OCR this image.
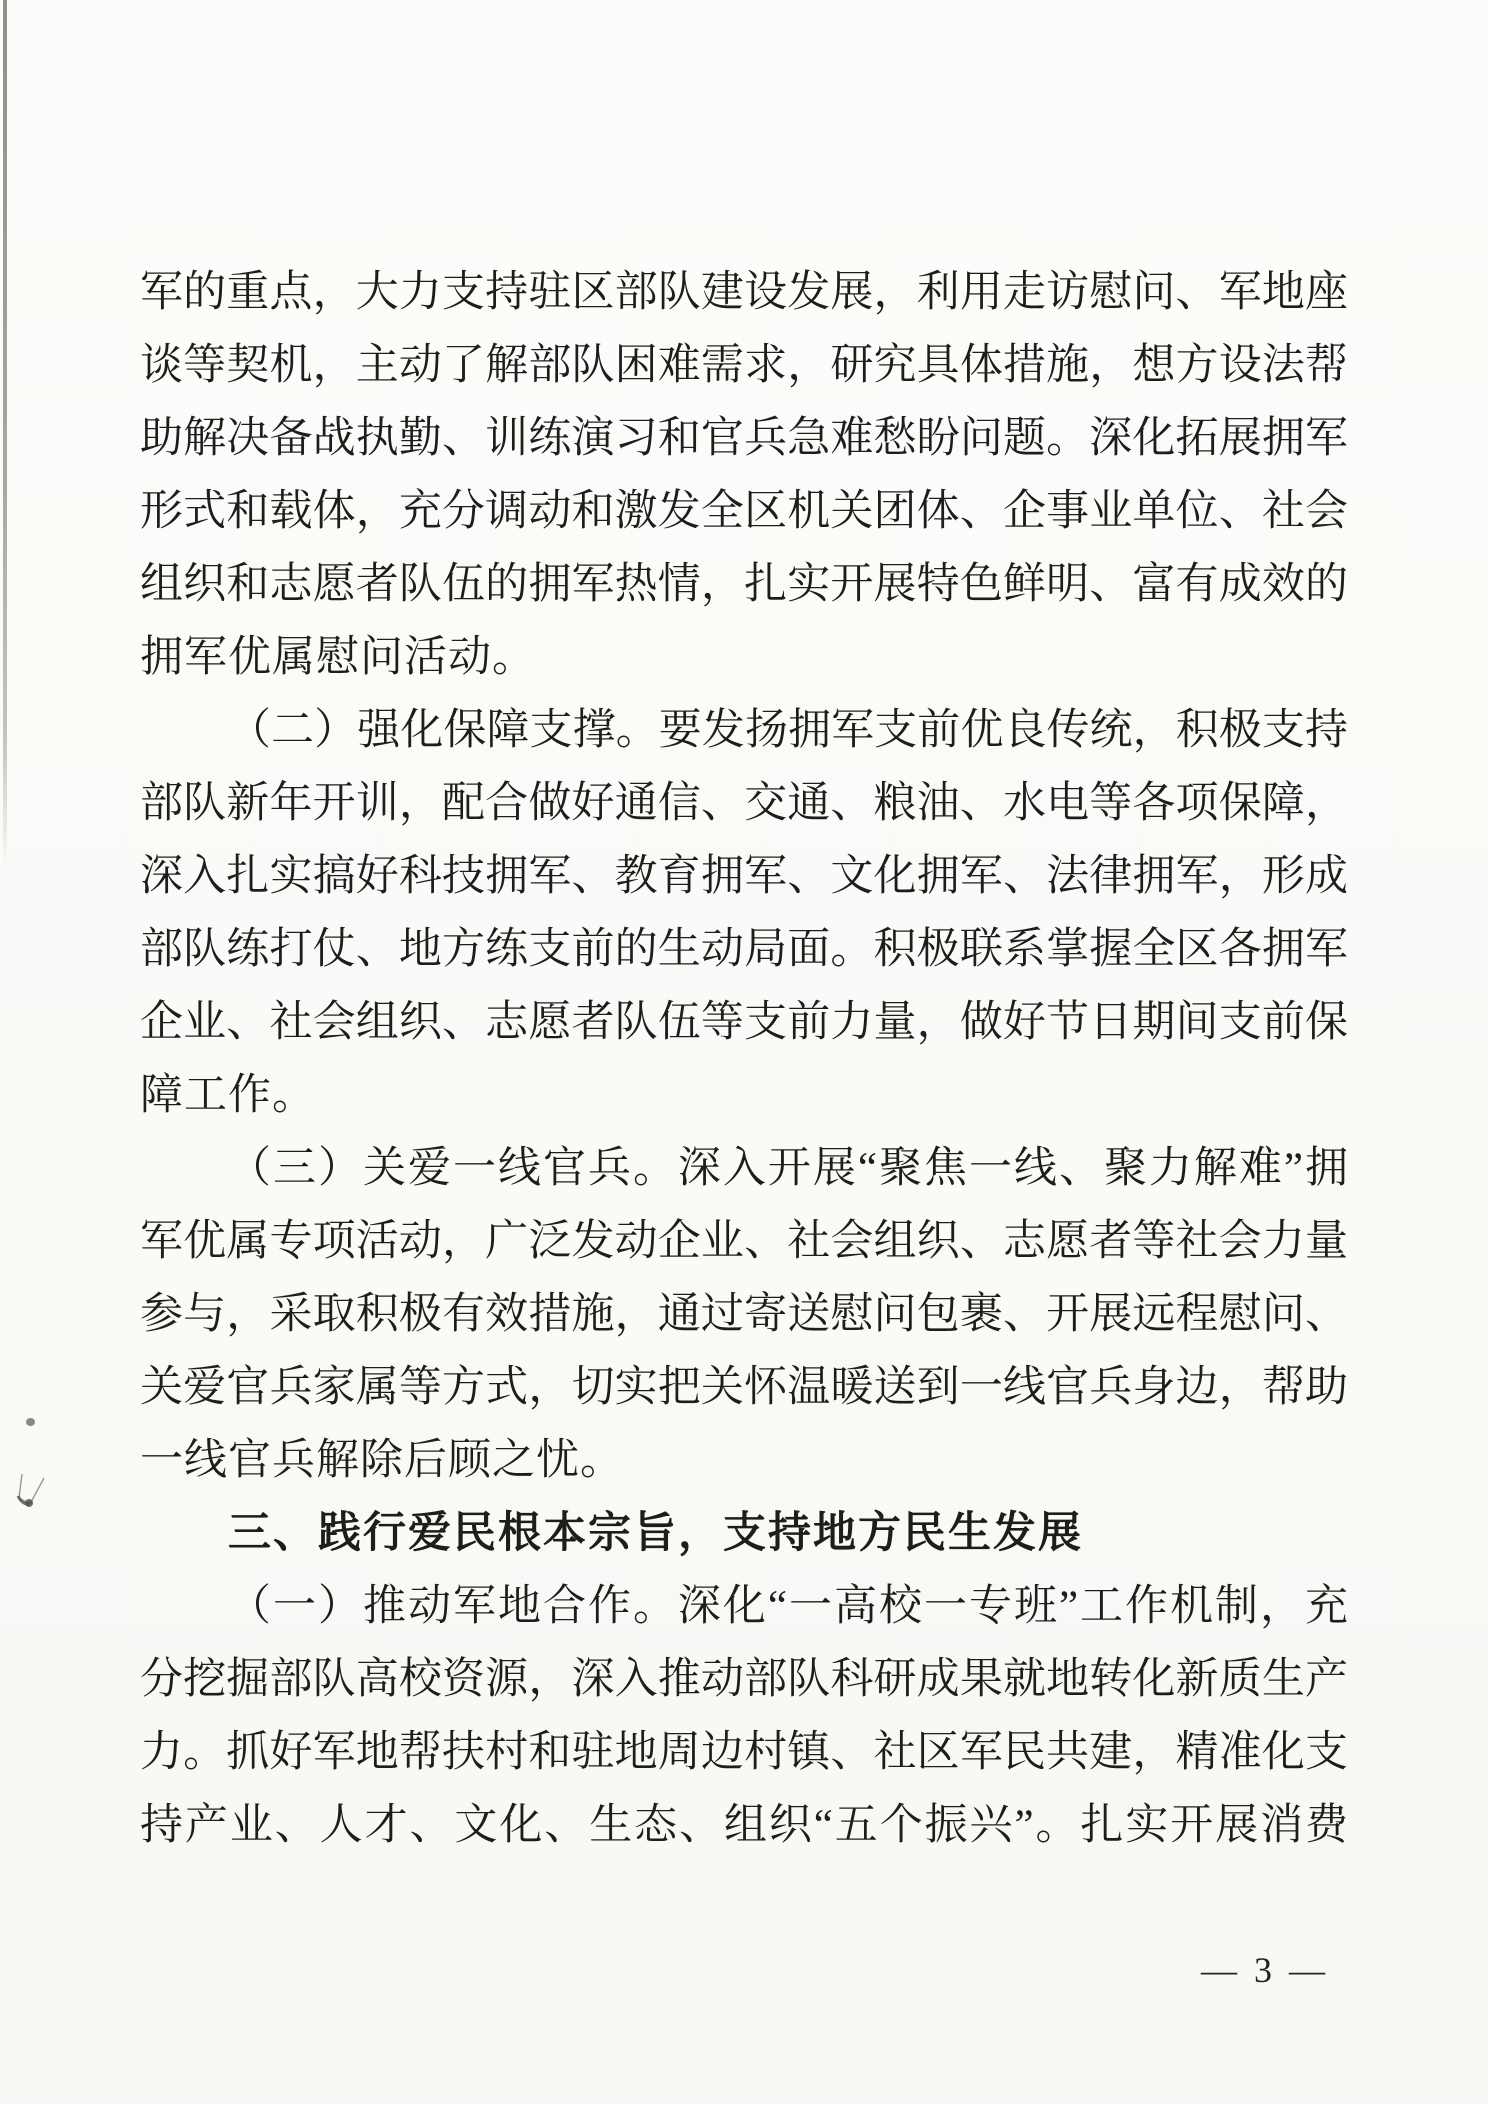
军的重点，大力支持驻区部队建设发展，利用走访慰问、军地座
谈等契机，主动了解部队困难需求，研究具体措施，想方设法帮
助解决备战执勤、训练演习和官兵急难愁盼问题。深化拓展拥军
形式和载体，充分调动和激发全区机关团体、企事业单位、社会
组织和志愿者队伍的拥军热情，扎实开展特色鲜明、富有成效的
拥军优属慰问活动。
（二）强化保障支撑。要发扬拥军支前优良传统，积极支持
部队新年开训，配合做好通信、交通、粮油、水电等各项保障，
深入扎实搞好科技拥军、教育拥军、文化拥军、法律拥军，形成
部队练打仗、地方练支前的生动局面。积极联系掌握全区各拥军
企业、社会组织、志愿者队伍等支前力量，做好节日期间支前保
障工作。
（三）关爱一线官兵。深入开展“聚焦一线、聚力解难”拥
军优属专项活动，广泛发动企业、社会组织、志愿者等社会力量
参与，采取积极有效措施，通过寄送慰问包裹、开展远程慰问、
关爱官兵家属等方式，切实把关怀温暖送到一线官兵身边，帮助
一线官兵解除后顾之忧。
三、践行爱民根本宗旨，支持地方民生发展
（一）推动军地合作。深化“一高校一专班”工作机制，充
分挖掘部队高校资源，深入推动部队科研成果就地转化新质生产
力。抓好军地帮扶村和驻地周边村镇、社区军民共建，精准化支
持产业、人才、文化、生态、组织“五个振兴”。扎实开展消费
— 3 —
